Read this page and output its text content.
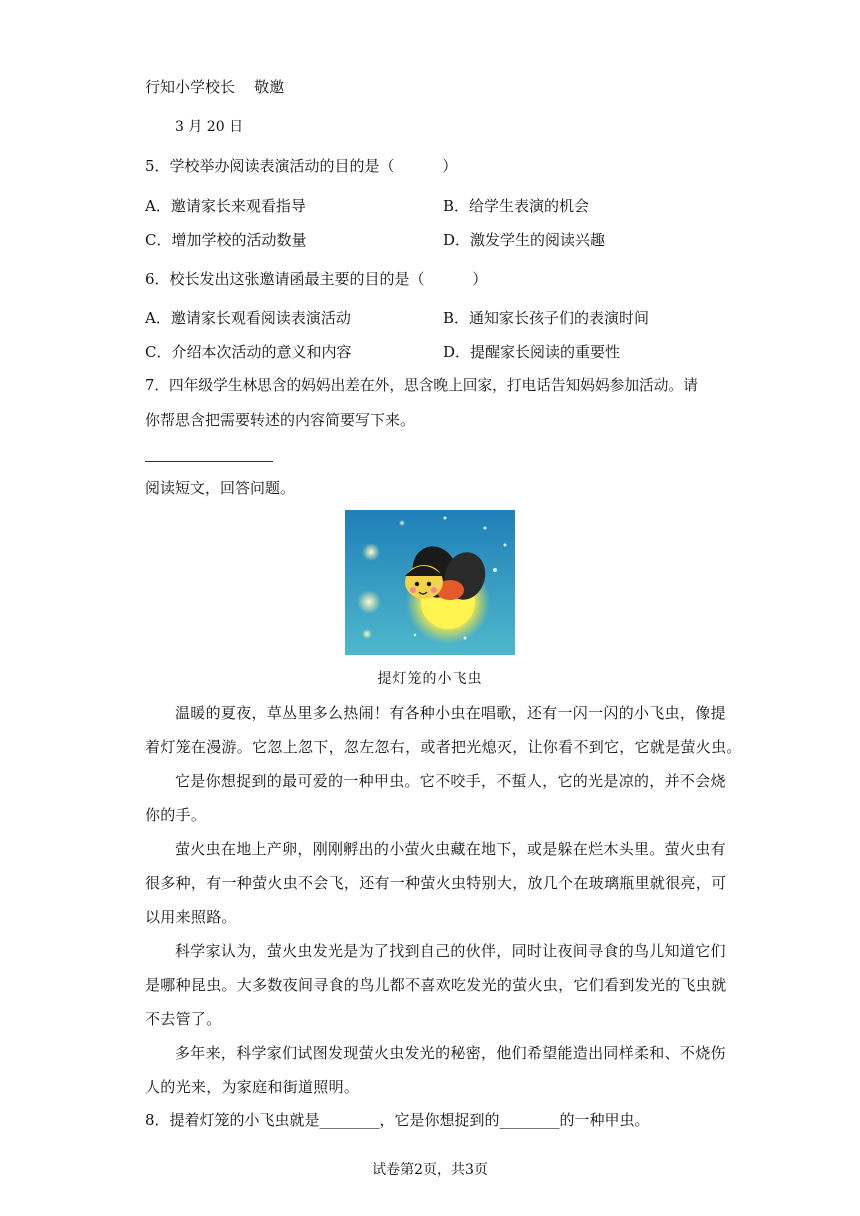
行知小学校长    敬邀
3 月 20 日
5．学校举办阅读表演活动的目的是（          ）
A．邀请家长来观看指导	B．给学生表演的机会
C．增加学校的活动数量	D．激发学生的阅读兴趣
6．校长发出这张邀请函最主要的目的是（          ）
A．邀请家长观看阅读表演活动	B．通知家长孩子们的表演时间
C．介绍本次活动的意义和内容	D．提醒家长阅读的重要性
7．四年级学生林思含的妈妈出差在外，思含晚上回家，打电话告知妈妈参加活动。请
你帮思含把需要转述的内容简要写下来。
阅读短文，回答问题。
提灯笼的小飞虫
温暖的夏夜，草丛里多么热闹！有各种小虫在唱歌，还有一闪一闪的小飞虫，像提
着灯笼在漫游。它忽上忽下，忽左忽右，或者把光熄灭，让你看不到它，它就是萤火虫。
它是你想捉到的最可爱的一种甲虫。它不咬手，不蜇人，它的光是凉的，并不会烧
你的手。
萤火虫在地上产卵，刚刚孵出的小萤火虫藏在地下，或是躲在烂木头里。萤火虫有
很多种，有一种萤火虫不会飞，还有一种萤火虫特别大，放几个在玻璃瓶里就很亮，可
以用来照路。
科学家认为，萤火虫发光是为了找到自己的伙伴，同时让夜间寻食的鸟儿知道它们
是哪种昆虫。大多数夜间寻食的鸟儿都不喜欢吃发光的萤火虫，它们看到发光的飞虫就
不去管了。
多年来，科学家们试图发现萤火虫发光的秘密，他们希望能造出同样柔和、不烧伤
人的光来，为家庭和街道照明。
8．提着灯笼的小飞虫就是________，它是你想捉到的________的一种甲虫。
试卷第2页，共3页
